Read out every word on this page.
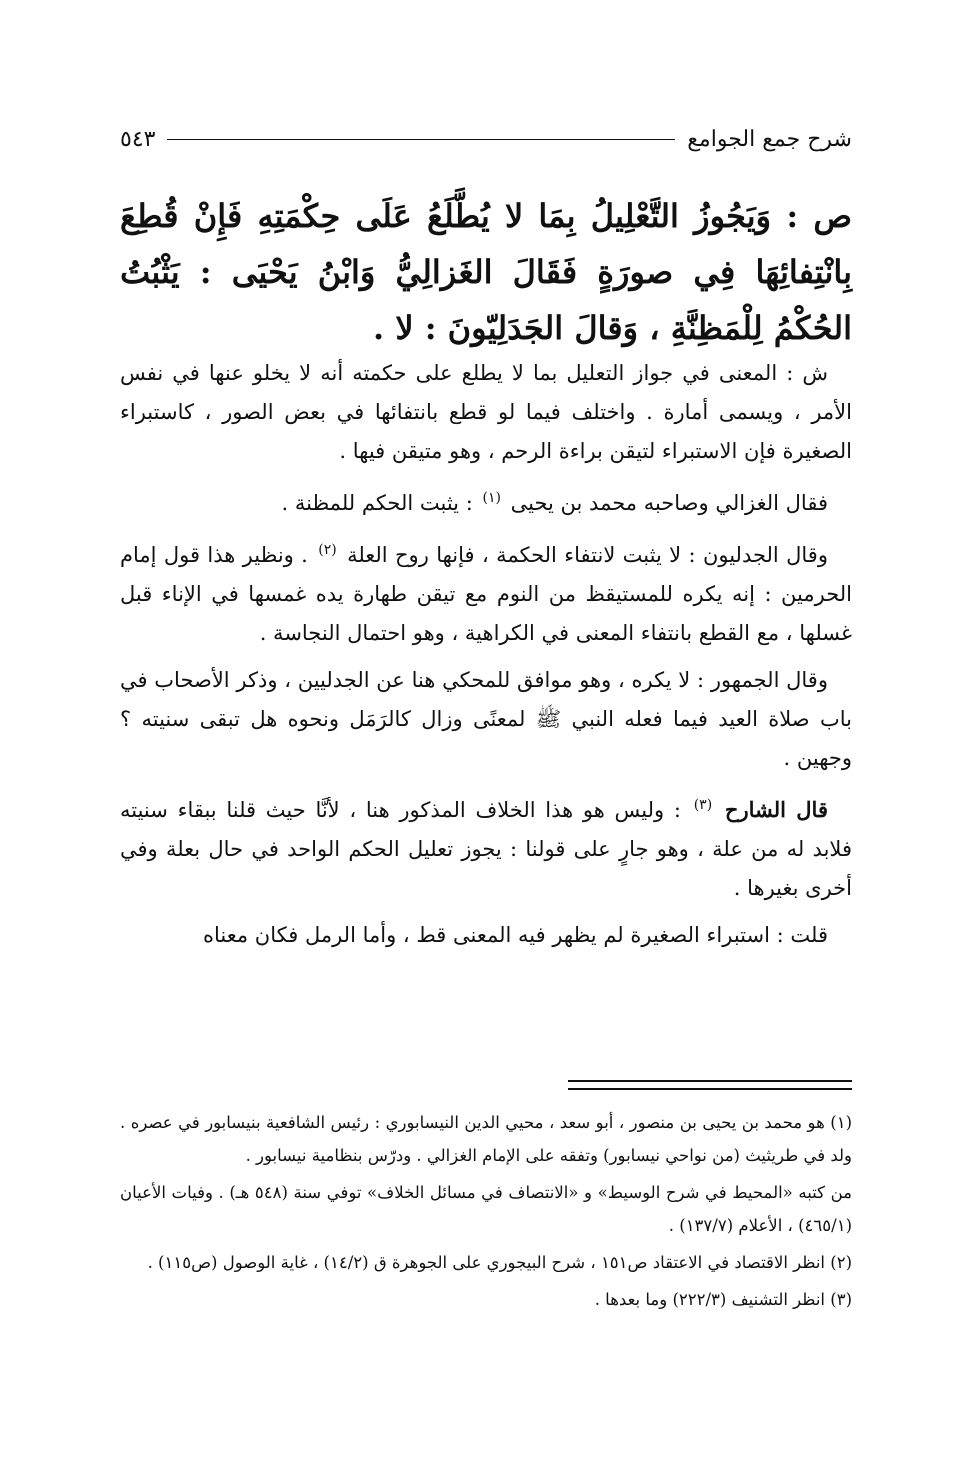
شرح جمع الجوامع
٥٤٣
ص : وَيَجُوزُ التَّعْلِيلُ بِمَا لا يُطَّلَعُ عَلَى حِكْمَتِهِ فَإِنْ قُطِعَ بِانْتِفائِهَا فِي صورَةٍ فَقَالَ الغَزالِيُّ وَابْنُ يَحْيَى : يَثْبُتُ الحُكْمُ لِلْمَظِنَّةِ ، وَقالَ الجَدَلِيّونَ : لا .

ش : المعنى في جواز التعليل بما لا يطلع على حكمته أنه لا يخلو عنها في نفس الأمر ، ويسمى أمارة . واختلف فيما لو قطع بانتفائها في بعض الصور ، كاستبراء الصغيرة فإن الاستبراء لتيقن براءة الرحم ، وهو متيقن فيها .

فقال الغزالي وصاحبه محمد بن يحيى $^{(١)}$ : يثبت الحكم للمظنة .

وقال الجدليون : لا يثبت لانتفاء الحكمة ، فإنها روح العلة $^{(٢)}$ . ونظير هذا قول إمام الحرمين : إنه يكره للمستيقظ من النوم مع تيقن طهارة يده غمسها في الإناء قبل غسلها ، مع القطع بانتفاء المعنى في الكراهية ، وهو احتمال النجاسة .

وقال الجمهور : لا يكره ، وهو موافق للمحكي هنا عن الجدليين ، وذكر الأصحاب في باب صلاة العيد فيما فعله النبي ﷺ لمعنًى وزال كالرَمَل ونحوه هل تبقى سنيته ؟ وجهين .

قال الشارح $^{(٣)}$ : وليس هو هذا الخلاف المذكور هنا ، لأنَّا حيث قلنا ببقاء سنيته فلابد له من علة ، وهو جارٍ على قولنا : يجوز تعليل الحكم الواحد في حال بعلة وفي أخرى بغيرها .

قلت : استبراء الصغيرة لم يظهر فيه المعنى قط ، وأما الرمل فكان معناه

(١) هو محمد بن يحيى بن منصور ، أبو سعد ، محيي الدين النيسابوري : رئيس الشافعية بنيسابور في عصره . ولد في طريثيث (من نواحي نيسابور) وتفقه على الإمام الغزالي . ودرّس بنظامية نيسابور .

من كتبه «المحيط في شرح الوسيط» و «الانتصاف في مسائل الخلاف» توفي سنة (٥٤٨ هـ) . وفيات الأعيان (٤٦٥/١) ، الأعلام (١٣٧/٧) .

(٢) انظر الاقتصاد في الاعتقاد ص١٥١ ، شرح البيجوري على الجوهرة ق (١٤/٢) ، غاية الوصول (ص١١٥) .

(٣) انظر التشنيف (٢٢٢/٣) وما بعدها .
